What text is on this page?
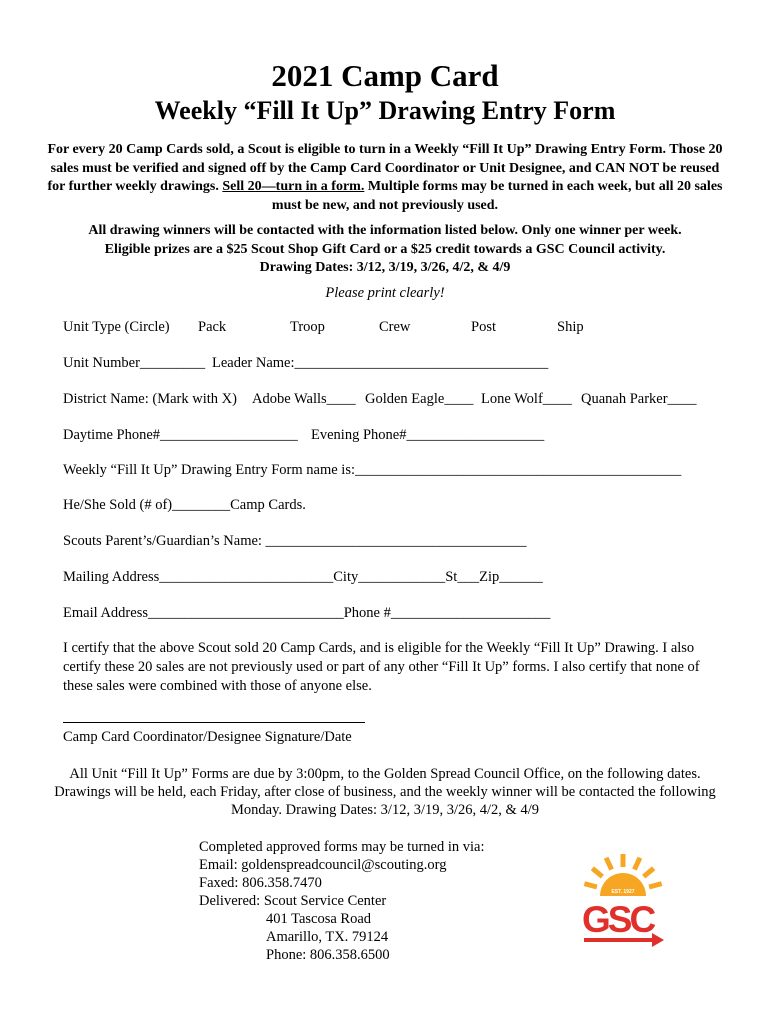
2021 Camp Card
Weekly “Fill It Up” Drawing Entry Form
For every 20 Camp Cards sold, a Scout is eligible to turn in a Weekly “Fill It Up” Drawing Entry Form. Those 20 sales must be verified and signed off by the Camp Card Coordinator or Unit Designee, and CAN NOT be reused for further weekly drawings. Sell 20—turn in a form. Multiple forms may be turned in each week, but all 20 sales must be new, and not previously used.
All drawing winners will be contacted with the information listed below. Only one winner per week.
Eligible prizes are a $25 Scout Shop Gift Card or a $25 credit towards a GSC Council activity.
Drawing Dates: 3/12, 3/19, 3/26, 4/2, & 4/9
Please print clearly!
Unit Type (Circle) Pack	Troop	Crew	Post	Ship
Unit Number_________ Leader Name:___________________________________
District Name: (Mark with X) Adobe Walls____ Golden Eagle____ Lone Wolf____ Quanah Parker____
Daytime Phone#___________________ Evening Phone#___________________
Weekly “Fill It Up” Drawing Entry Form name is:_____________________________________________
He/She Sold (# of)________Camp Cards.
Scouts Parent’s/Guardian’s Name: ____________________________________
Mailing Address________________________City____________St___Zip______
Email Address___________________________Phone #______________________
I certify that the above Scout sold 20 Camp Cards, and is eligible for the Weekly “Fill It Up” Drawing. I also certify these 20 sales are not previously used or part of any other “Fill It Up” forms. I also certify that none of these sales were combined with those of anyone else.
Camp Card Coordinator/Designee Signature/Date
All Unit “Fill It Up” Forms are due by 3:00pm, to the Golden Spread Council Office, on the following dates. Drawings will be held, each Friday, after close of business, and the weekly winner will be contacted the following Monday. Drawing Dates: 3/12, 3/19, 3/26, 4/2, & 4/9
Completed approved forms may be turned in via:
Email: goldenspreadcouncil@scouting.org
Faxed: 806.358.7470
Delivered: Scout Service Center
401 Tascosa Road
Amarillo, TX. 79124
Phone: 806.358.6500
EST. 1927
GSC
